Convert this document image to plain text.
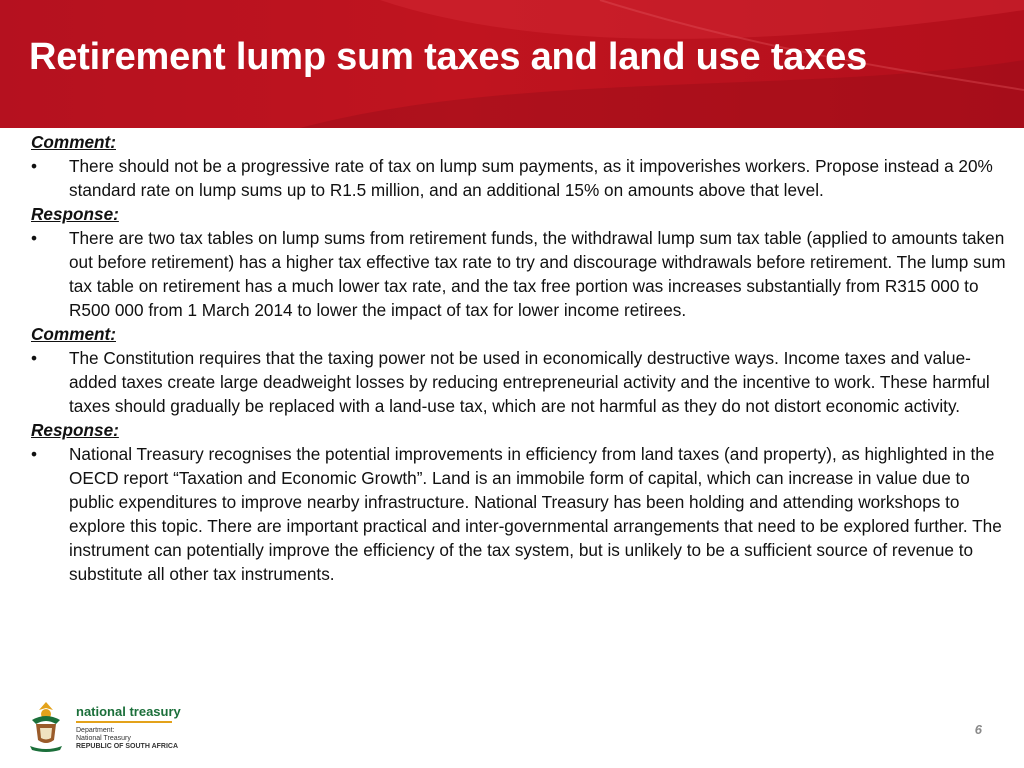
Retirement lump sum taxes and land use taxes

Comment:

•	There should not be a progressive rate of tax on lump sum payments, as it impoverishes workers. Propose instead a 20% standard rate on lump sums up to R1.5 million, and an additional 15% on amounts above that level.

Response:

•	There are two tax tables on lump sums from retirement funds, the withdrawal lump sum tax table (applied to amounts taken out before retirement) has a higher tax effective tax rate to try and discourage withdrawals before retirement. The lump sum tax table on retirement has a much lower tax rate, and the tax free portion was increases substantially from R315 000 to R500 000 from 1 March 2014 to lower the impact of tax for lower income retirees.

Comment:

•	The Constitution requires that the taxing power not be used in economically destructive ways. Income taxes and value-added taxes create large deadweight losses by reducing entrepreneurial activity and the incentive to work. These harmful taxes should gradually be replaced with a land-use tax, which are not harmful as they do not distort economic activity.

Response:

•	National Treasury recognises the potential improvements in efficiency from land taxes (and property), as highlighted in the OECD report “Taxation and Economic Growth”. Land is an immobile form of capital, which can increase in value due to public expenditures to improve nearby infrastructure. National Treasury has been holding and attending workshops to explore this topic. There are important practical and inter-governmental arrangements that need to be explored further. The instrument can potentially improve the efficiency of the tax system, but is unlikely to be a sufficient source of revenue to substitute all other tax instruments.

national treasury
Department:
National Treasury
REPUBLIC OF SOUTH AFRICA
6
